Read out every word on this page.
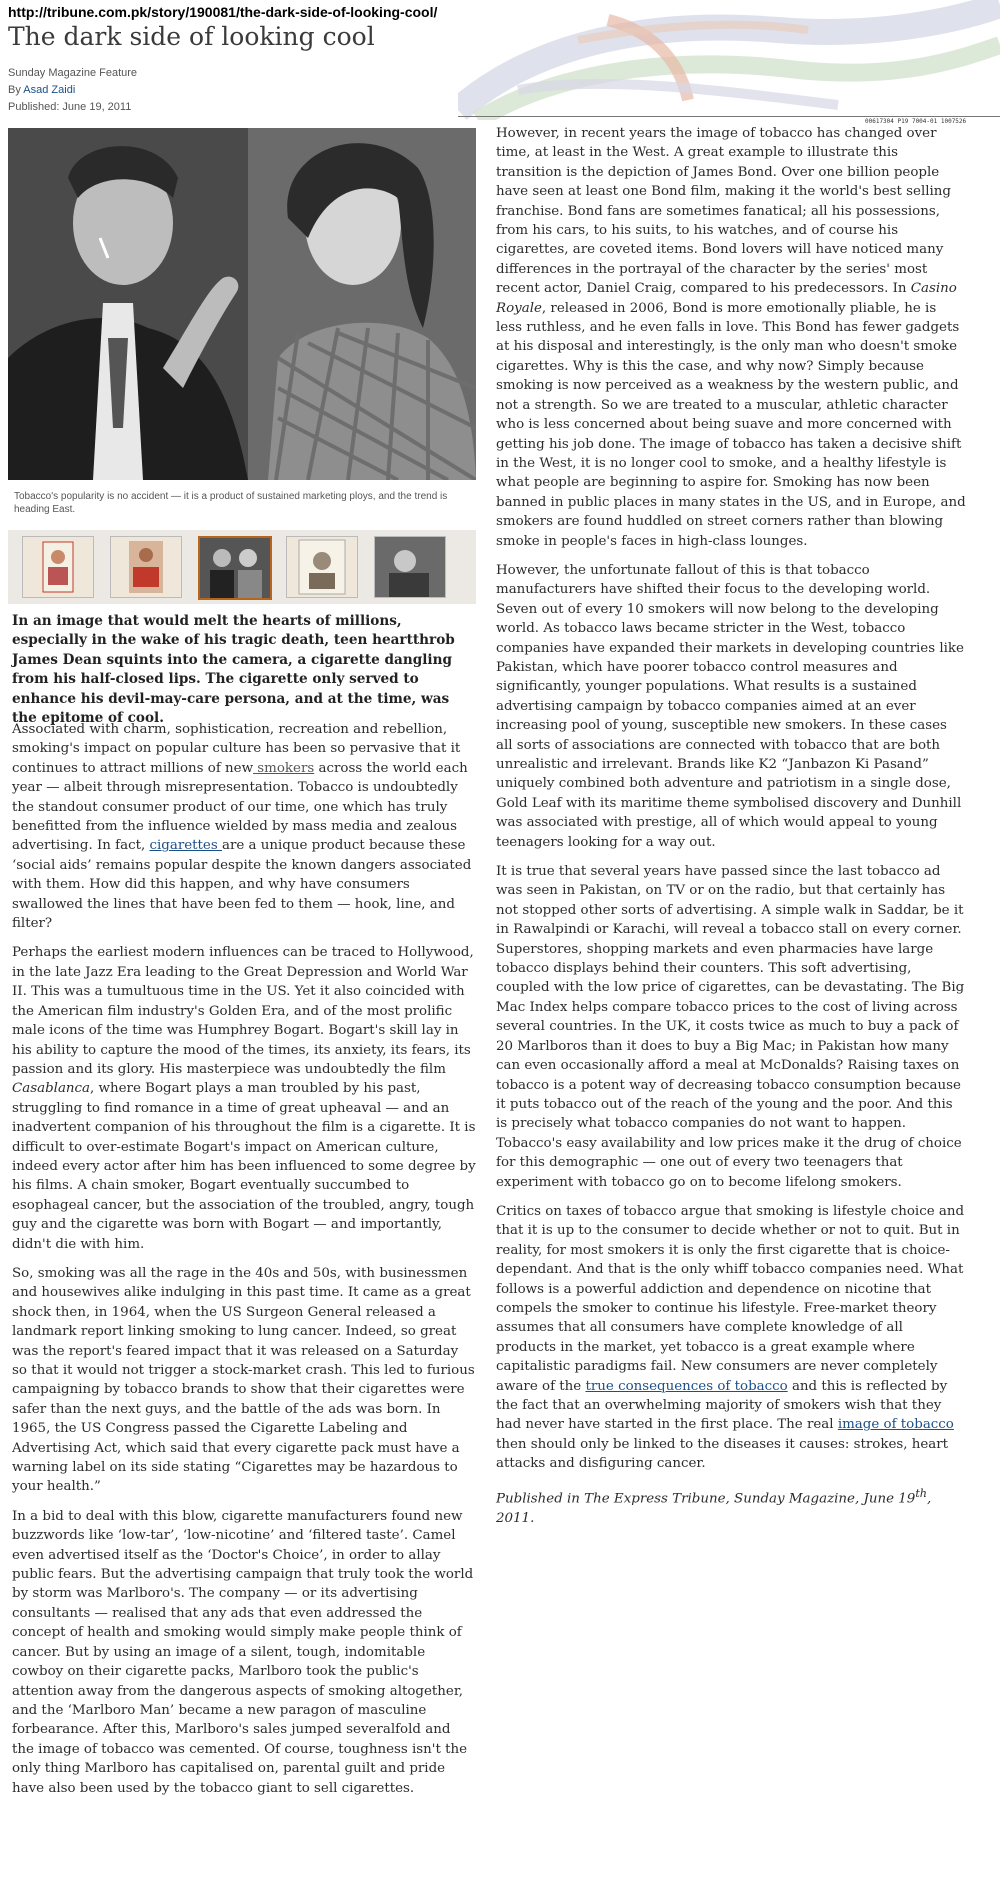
http://tribune.com.pk/story/190081/the-dark-side-of-looking-cool/
The dark side of looking cool
Sunday Magazine Feature
By Asad Zaidi
Published: June 19, 2011
00617304 P19 7004-01 1007526
Tobacco's popularity is no accident — it is a product of sustained marketing ploys, and the trend is heading East.
In an image that would melt the hearts of millions, especially in the wake of his tragic death, teen heartthrob James Dean squints into the camera, a cigarette dangling from his half-closed lips. The cigarette only served to enhance his devil-may-care persona, and at the time, was the epitome of cool.

Associated with charm, sophistication, recreation and rebellion, smoking's impact on popular culture has been so pervasive that it continues to attract millions of new smokers across the world each year — albeit through misrepresentation. Tobacco is undoubtedly the standout consumer product of our time, one which has truly benefitted from the influence wielded by mass media and zealous advertising. In fact, cigarettes are a unique product because these ‘social aids’ remains popular despite the known dangers associated with them. How did this happen, and why have consumers swallowed the lines that have been fed to them — hook, line, and filter?

Perhaps the earliest modern influences can be traced to Hollywood, in the late Jazz Era leading to the Great Depression and World War II. This was a tumultuous time in the US. Yet it also coincided with the American film industry's Golden Era, and of the most prolific male icons of the time was Humphrey Bogart. Bogart's skill lay in his ability to capture the mood of the times, its anxiety, its fears, its passion and its glory. His masterpiece was undoubtedly the film Casablanca, where Bogart plays a man troubled by his past, struggling to find romance in a time of great upheaval — and an inadvertent companion of his throughout the film is a cigarette. It is difficult to over-estimate Bogart's impact on American culture, indeed every actor after him has been influenced to some degree by his films. A chain smoker, Bogart eventually succumbed to esophageal cancer, but the association of the troubled, angry, tough guy and the cigarette was born with Bogart — and importantly, didn't die with him.

So, smoking was all the rage in the 40s and 50s, with businessmen and housewives alike indulging in this past time. It came as a great shock then, in 1964, when the US Surgeon General released a landmark report linking smoking to lung cancer. Indeed, so great was the report's feared impact that it was released on a Saturday so that it would not trigger a stock-market crash. This led to furious campaigning by tobacco brands to show that their cigarettes were safer than the next guys, and the battle of the ads was born. In 1965, the US Congress passed the Cigarette Labeling and Advertising Act, which said that every cigarette pack must have a warning label on its side stating “Cigarettes may be hazardous to your health.”

In a bid to deal with this blow, cigarette manufacturers found new buzzwords like ‘low-tar’, ‘low-nicotine’ and ‘filtered taste’. Camel even advertised itself as the ‘Doctor's Choice’, in order to allay public fears. But the advertising campaign that truly took the world by storm was Marlboro's. The company — or its advertising consultants — realised that any ads that even addressed the concept of health and smoking would simply make people think of cancer. But by using an image of a silent, tough, indomitable cowboy on their cigarette packs, Marlboro took the public's attention away from the dangerous aspects of smoking altogether, and the ‘Marlboro Man’ became a new paragon of masculine forbearance. After this, Marlboro's sales jumped severalfold and the image of tobacco was cemented. Of course, toughness isn't the only thing Marlboro has capitalised on, parental guilt and pride have also been used by the tobacco giant to sell cigarettes.

However, in recent years the image of tobacco has changed over time, at least in the West. A great example to illustrate this transition is the depiction of James Bond. Over one billion people have seen at least one Bond film, making it the world's best selling franchise. Bond fans are sometimes fanatical; all his possessions, from his cars, to his suits, to his watches, and of course his cigarettes, are coveted items. Bond lovers will have noticed many differences in the portrayal of the character by the series' most recent actor, Daniel Craig, compared to his predecessors. In Casino Royale, released in 2006, Bond is more emotionally pliable, he is less ruthless, and he even falls in love. This Bond has fewer gadgets at his disposal and interestingly, is the only man who doesn't smoke cigarettes. Why is this the case, and why now? Simply because smoking is now perceived as a weakness by the western public, and not a strength. So we are treated to a muscular, athletic character who is less concerned about being suave and more concerned with getting his job done. The image of tobacco has taken a decisive shift in the West, it is no longer cool to smoke, and a healthy lifestyle is what people are beginning to aspire for. Smoking has now been banned in public places in many states in the US, and in Europe, and smokers are found huddled on street corners rather than blowing smoke in people's faces in high-class lounges.

However, the unfortunate fallout of this is that tobacco manufacturers have shifted their focus to the developing world. Seven out of every 10 smokers will now belong to the developing world. As tobacco laws became stricter in the West, tobacco companies have expanded their markets in developing countries like Pakistan, which have poorer tobacco control measures and significantly, younger populations. What results is a sustained advertising campaign by tobacco companies aimed at an ever increasing pool of young, susceptible new smokers. In these cases all sorts of associations are connected with tobacco that are both unrealistic and irrelevant. Brands like K2 “Janbazon Ki Pasand” uniquely combined both adventure and patriotism in a single dose, Gold Leaf with its maritime theme symbolised discovery and Dunhill was associated with prestige, all of which would appeal to young teenagers looking for a way out.

It is true that several years have passed since the last tobacco ad was seen in Pakistan, on TV or on the radio, but that certainly has not stopped other sorts of advertising. A simple walk in Saddar, be it in Rawalpindi or Karachi, will reveal a tobacco stall on every corner. Superstores, shopping markets and even pharmacies have large tobacco displays behind their counters. This soft advertising, coupled with the low price of cigarettes, can be devastating. The Big Mac Index helps compare tobacco prices to the cost of living across several countries. In the UK, it costs twice as much to buy a pack of 20 Marlboros than it does to buy a Big Mac; in Pakistan how many can even occasionally afford a meal at McDonalds? Raising taxes on tobacco is a potent way of decreasing tobacco consumption because it puts tobacco out of the reach of the young and the poor. And this is precisely what tobacco companies do not want to happen. Tobacco's easy availability and low prices make it the drug of choice for this demographic — one out of every two teenagers that experiment with tobacco go on to become lifelong smokers.

Critics on taxes of tobacco argue that smoking is lifestyle choice and that it is up to the consumer to decide whether or not to quit. But in reality, for most smokers it is only the first cigarette that is choice-dependant. And that is the only whiff tobacco companies need. What follows is a powerful addiction and dependence on nicotine that compels the smoker to continue his lifestyle. Free-market theory assumes that all consumers have complete knowledge of all products in the market, yet tobacco is a great example where capitalistic paradigms fail. New consumers are never completely aware of the true consequences of tobacco and this is reflected by the fact that an overwhelming majority of smokers wish that they had never have started in the first place. The real image of tobacco then should only be linked to the diseases it causes: strokes, heart attacks and disfiguring cancer.

Published in The Express Tribune, Sunday Magazine, June 19th, 2011.
